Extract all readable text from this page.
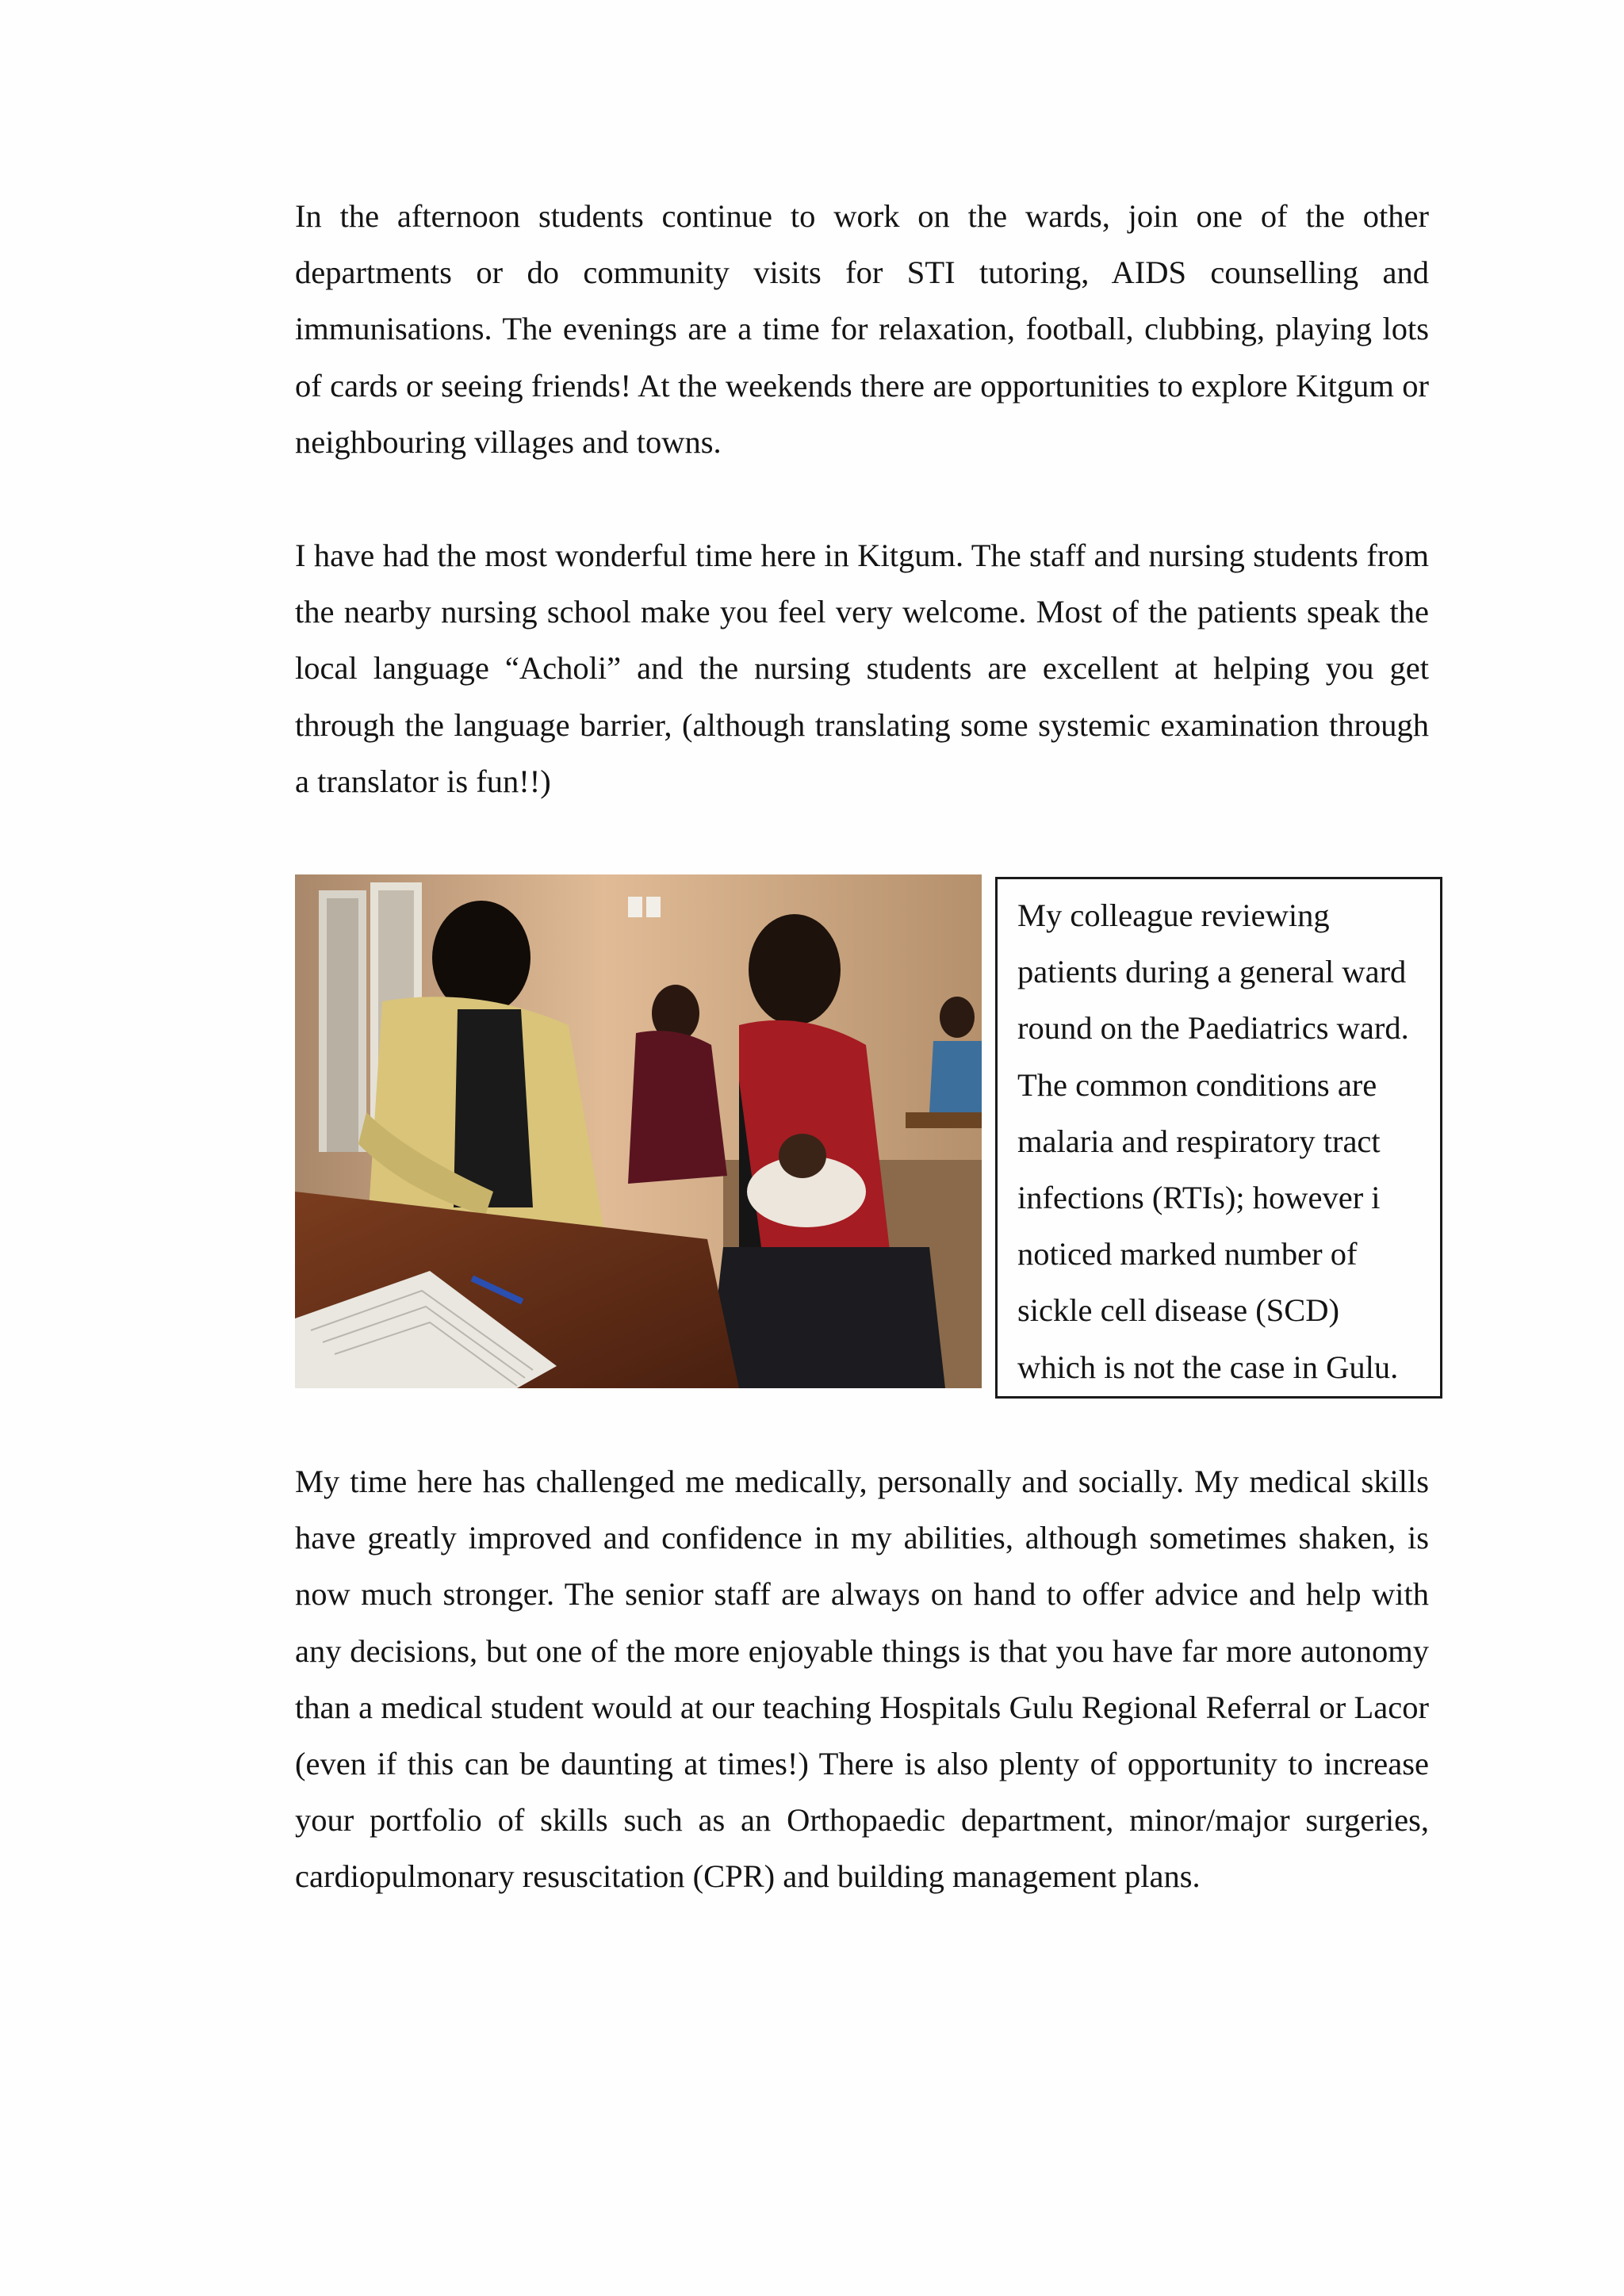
In the afternoon students continue to work on the wards, join one of the other departments or do community visits for STI tutoring, AIDS counselling and immunisations. The evenings are a time for relaxation, football, clubbing, playing lots of cards or seeing friends! At the weekends there are opportunities to explore Kitgum or neighbouring villages and towns.

I have had the most wonderful time here in Kitgum. The staff and nursing students from the nearby nursing school make you feel very welcome. Most of the patients speak the local language “Acholi” and the nursing students are excellent at helping you get through the language barrier, (although translating some systemic examination through a translator is fun!!)

My colleague reviewing
patients during a general ward
round on the Paediatrics ward.
The common conditions are
malaria and respiratory tract
infections (RTIs); however i
noticed marked number of
sickle cell disease (SCD)
which is not the case in Gulu.

My time here has challenged me medically, personally and socially. My medical skills have greatly improved and confidence in my abilities, although sometimes shaken, is now much stronger. The senior staff are always on hand to offer advice and help with any decisions, but one of the more enjoyable things is that you have far more autonomy than a medical student would at our teaching Hospitals Gulu Regional Referral or Lacor (even if this can be daunting at times!) There is also plenty of opportunity to increase your portfolio of skills such as an Orthopaedic department, minor/major surgeries, cardiopulmonary resuscitation (CPR) and building management plans.
